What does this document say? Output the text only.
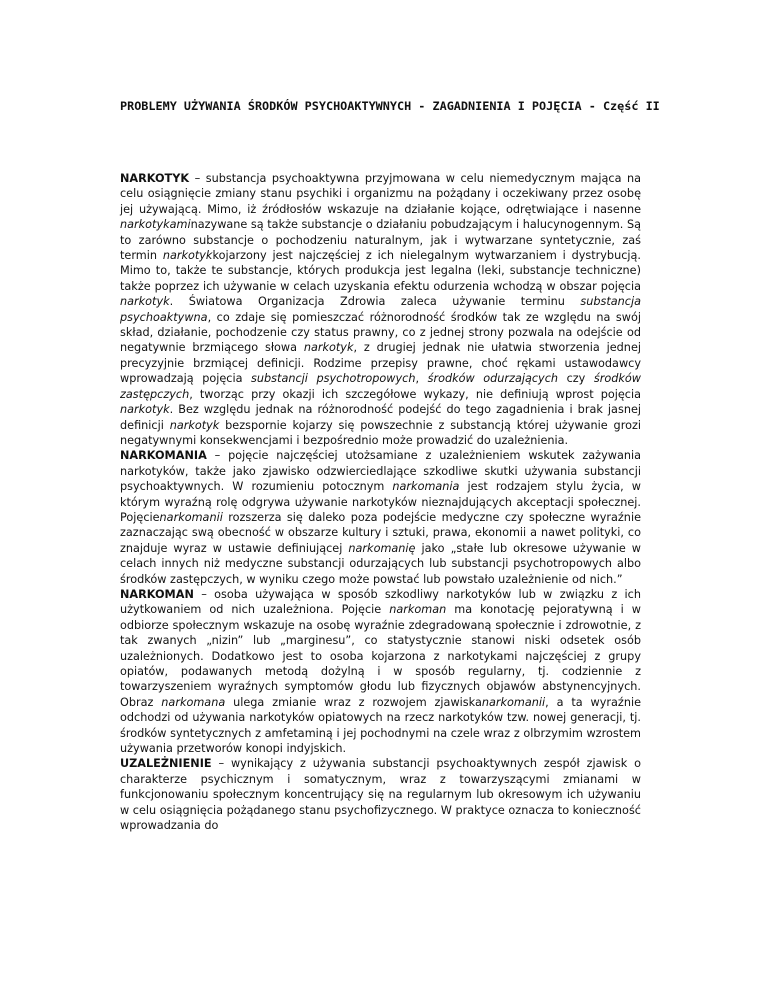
PROBLEMY UŻYWANIA ŚRODKÓW PSYCHOAKTYWNYCH - ZAGADNIENIA I POJĘCIA - Część II

NARKOTYK – substancja psychoaktywna przyjmowana w celu niemedycznym mająca na celu osiągnięcie zmiany stanu psychiki i organizmu na pożądany i oczekiwany przez osobę jej używającą. Mimo, iż źródłosłów wskazuje na działanie kojące, odrętwiające i nasenne narkotykaminazywane są także substancje o działaniu pobudzającym i halucynogennym. Są to zarówno substancje o pochodzeniu naturalnym, jak i wytwarzane syntetycznie, zaś termin narkotykkojarzony jest najczęściej z ich nielegalnym wytwarzaniem i dystrybucją. Mimo to, także te substancje, których produkcja jest legalna (leki, substancje techniczne) także poprzez ich używanie w celach uzyskania efektu odurzenia wchodzą w obszar pojęcia narkotyk. Światowa Organizacja Zdrowia zaleca używanie terminu substancja psychoaktywna, co zdaje się pomieszczać różnorodność środków tak ze względu na swój skład, działanie, pochodzenie czy status prawny, co z jednej strony pozwala na odejście od negatywnie brzmiącego słowa narkotyk, z drugiej jednak nie ułatwia stworzenia jednej precyzyjnie brzmiącej definicji. Rodzime przepisy prawne, choć rękami ustawodawcy wprowadzają pojęcia substancji psychotropowych, środków odurzających czy środków zastępczych, tworząc przy okazji ich szczegółowe wykazy, nie definiują wprost pojęcia narkotyk. Bez względu jednak na różnorodność podejść do tego zagadnienia i brak jasnej definicji narkotyk bezspornie kojarzy się powszechnie z substancją której używanie grozi negatywnymi konsekwencjami i bezpośrednio może prowadzić do uzależnienia.

NARKOMANIA – pojęcie najczęściej utożsamiane z uzależnieniem wskutek zażywania narkotyków, także jako zjawisko odzwierciedlające szkodliwe skutki używania substancji psychoaktywnych. W rozumieniu potocznym narkomania jest rodzajem stylu życia, w którym wyraźną rolę odgrywa używanie narkotyków nieznajdujących akceptacji społecznej. Pojęcienarkomanii rozszerza się daleko poza podejście medyczne czy społeczne wyraźnie zaznaczając swą obecność w obszarze kultury i sztuki, prawa, ekonomii a nawet polityki, co znajduje wyraz w ustawie definiującej narkomanię jako „stałe lub okresowe używanie w celach innych niż medyczne substancji odurzających lub substancji psychotropowych albo środków zastępczych, w wyniku czego może powstać lub powstało uzależnienie od nich.”

NARKOMAN – osoba używająca w sposób szkodliwy narkotyków lub w związku z ich użytkowaniem od nich uzależniona. Pojęcie narkoman ma konotację pejoratywną i w odbiorze społecznym wskazuje na osobę wyraźnie zdegradowaną społecznie i zdrowotnie, z tak zwanych „nizin” lub „marginesu”, co statystycznie stanowi niski odsetek osób uzależnionych. Dodatkowo jest to osoba kojarzona z narkotykami najczęściej z grupy opiatów, podawanych metodą dożylną i w sposób regularny, tj. codziennie z towarzyszeniem wyraźnych symptomów głodu lub fizycznych objawów abstynencyjnych. Obraz narkomana ulega zmianie wraz z rozwojem zjawiskanarkomanii, a ta wyraźnie odchodzi od używania narkotyków opiatowych na rzecz narkotyków tzw. nowej generacji, tj. środków syntetycznych z amfetaminą i jej pochodnymi na czele wraz z olbrzymim wzrostem używania przetworów konopi indyjskich.

UZALEŻNIENIE – wynikający z używania substancji psychoaktywnych zespół zjawisk o charakterze psychicznym i somatycznym, wraz z towarzyszącymi zmianami w funkcjonowaniu społecznym koncentrujący się na regularnym lub okresowym ich używaniu w celu osiągnięcia pożądanego stanu psychofizycznego. W praktyce oznacza to konieczność wprowadzania do
